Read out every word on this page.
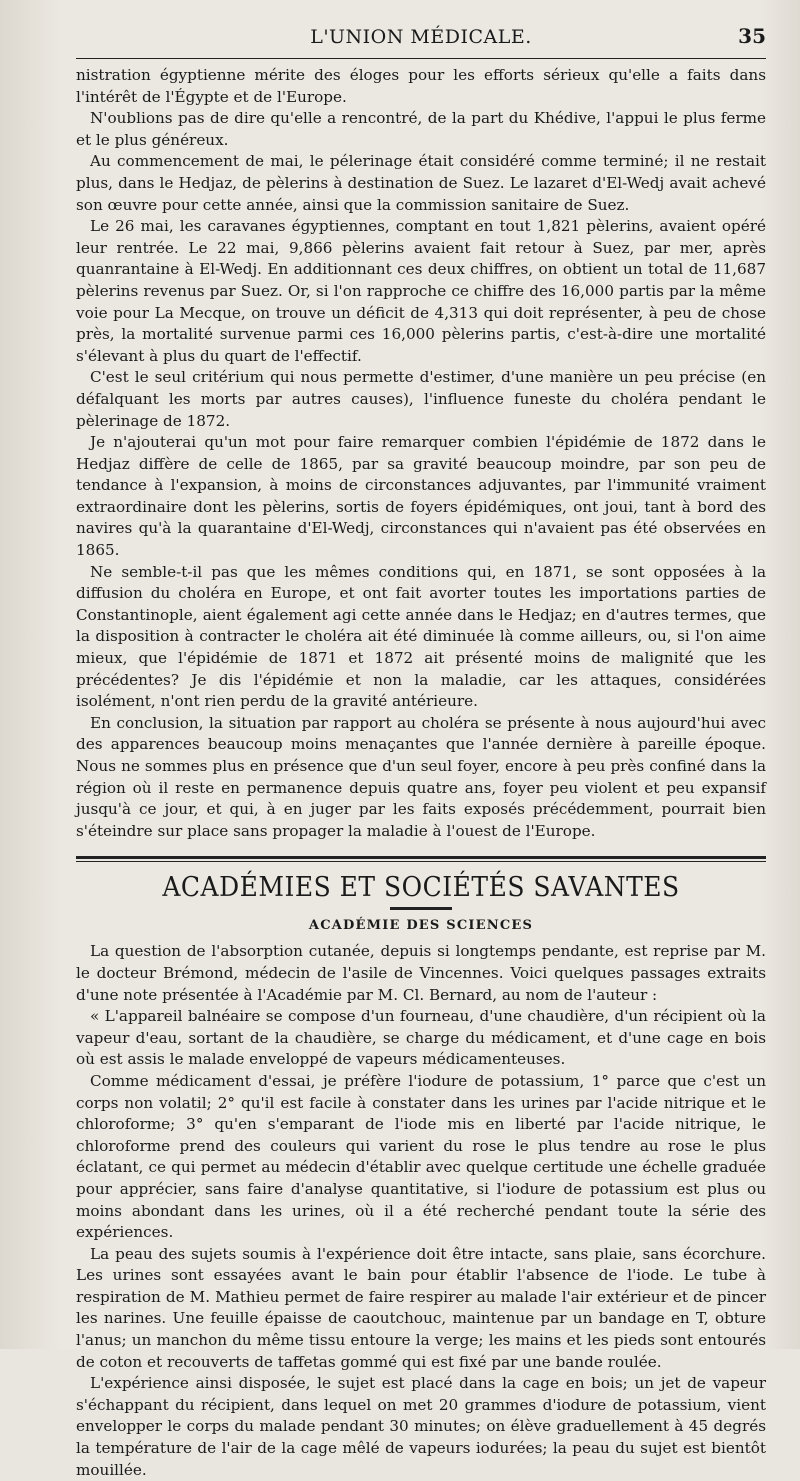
L'UNION MÉDICALE.	35

nistration égyptienne mérite des éloges pour les efforts sérieux qu'elle a faits dans l'intérêt de l'Égypte et de l'Europe.

N'oublions pas de dire qu'elle a rencontré, de la part du Khédive, l'appui le plus ferme et le plus généreux.

Au commencement de mai, le pélerinage était considéré comme terminé; il ne restait plus, dans le Hedjaz, de pèlerins à destination de Suez. Le lazaret d'El-Wedj avait achevé son œuvre pour cette année, ainsi que la commission sanitaire de Suez.

Le 26 mai, les caravanes égyptiennes, comptant en tout 1,821 pèlerins, avaient opéré leur rentrée. Le 22 mai, 9,866 pèlerins avaient fait retour à Suez, par mer, après quanrantaine à El-Wedj. En additionnant ces deux chiffres, on obtient un total de 11,687 pèlerins revenus par Suez. Or, si l'on rapproche ce chiffre des 16,000 partis par la même voie pour La Mecque, on trouve un déficit de 4,313 qui doit représenter, à peu de chose près, la mortalité survenue parmi ces 16,000 pèlerins partis, c'est-à-dire une mortalité s'élevant à plus du quart de l'effectif.

C'est le seul critérium qui nous permette d'estimer, d'une manière un peu précise (en défalquant les morts par autres causes), l'influence funeste du choléra pendant le pèlerinage de 1872.

Je n'ajouterai qu'un mot pour faire remarquer combien l'épidémie de 1872 dans le Hedjaz diffère de celle de 1865, par sa gravité beaucoup moindre, par son peu de tendance à l'expansion, à moins de circonstances adjuvantes, par l'immunité vraiment extraordinaire dont les pèlerins, sortis de foyers épidémiques, ont joui, tant à bord des navires qu'à la quarantaine d'El-Wedj, circonstances qui n'avaient pas été observées en 1865.

Ne semble-t-il pas que les mêmes conditions qui, en 1871, se sont opposées à la diffusion du choléra en Europe, et ont fait avorter toutes les importations parties de Constantinople, aient également agi cette année dans le Hedjaz; en d'autres termes, que la disposition à contracter le choléra ait été diminuée là comme ailleurs, ou, si l'on aime mieux, que l'épidémie de 1871 et 1872 ait présenté moins de malignité que les précédentes? Je dis l'épidémie et non la maladie, car les attaques, considérées isolément, n'ont rien perdu de la gravité antérieure.

En conclusion, la situation par rapport au choléra se présente à nous aujourd'hui avec des apparences beaucoup moins menaçantes que l'année dernière à pareille époque. Nous ne sommes plus en présence que d'un seul foyer, encore à peu près confiné dans la région où il reste en permanence depuis quatre ans, foyer peu violent et peu expansif jusqu'à ce jour, et qui, à en juger par les faits exposés précédemment, pourrait bien s'éteindre sur place sans propager la maladie à l'ouest de l'Europe.

ACADÉMIES ET SOCIÉTÉS SAVANTES
ACADÉMIE DES SCIENCES

La question de l'absorption cutanée, depuis si longtemps pendante, est reprise par M. le docteur Brémond, médecin de l'asile de Vincennes. Voici quelques passages extraits d'une note présentée à l'Académie par M. Cl. Bernard, au nom de l'auteur :

« L'appareil balnéaire se compose d'un fourneau, d'une chaudière, d'un récipient où la vapeur d'eau, sortant de la chaudière, se charge du médicament, et d'une cage en bois où est assis le malade enveloppé de vapeurs médicamenteuses.

Comme médicament d'essai, je préfère l'iodure de potassium, 1° parce que c'est un corps non volatil; 2° qu'il est facile à constater dans les urines par l'acide nitrique et le chloroforme; 3° qu'en s'emparant de l'iode mis en liberté par l'acide nitrique, le chloroforme prend des couleurs qui varient du rose le plus tendre au rose le plus éclatant, ce qui permet au médecin d'établir avec quelque certitude une échelle graduée pour apprécier, sans faire d'analyse quantitative, si l'iodure de potassium est plus ou moins abondant dans les urines, où il a été recherché pendant toute la série des expériences.

La peau des sujets soumis à l'expérience doit être intacte, sans plaie, sans écorchure. Les urines sont essayées avant le bain pour établir l'absence de l'iode. Le tube à respiration de M. Mathieu permet de faire respirer au malade l'air extérieur et de pincer les narines. Une feuille épaisse de caoutchouc, maintenue par un bandage en T, obture l'anus; un manchon du même tissu entoure la verge; les mains et les pieds sont entourés de coton et recouverts de taffetas gommé qui est fixé par une bande roulée.

L'expérience ainsi disposée, le sujet est placé dans la cage en bois; un jet de vapeur s'échappant du récipient, dans lequel on met 20 grammes d'iodure de potassium, vient envelopper le corps du malade pendant 30 minutes; on élève graduellement à 45 degrés la température de l'air de la cage mêlé de vapeurs iodurées; la peau du sujet est bientôt mouillée.
